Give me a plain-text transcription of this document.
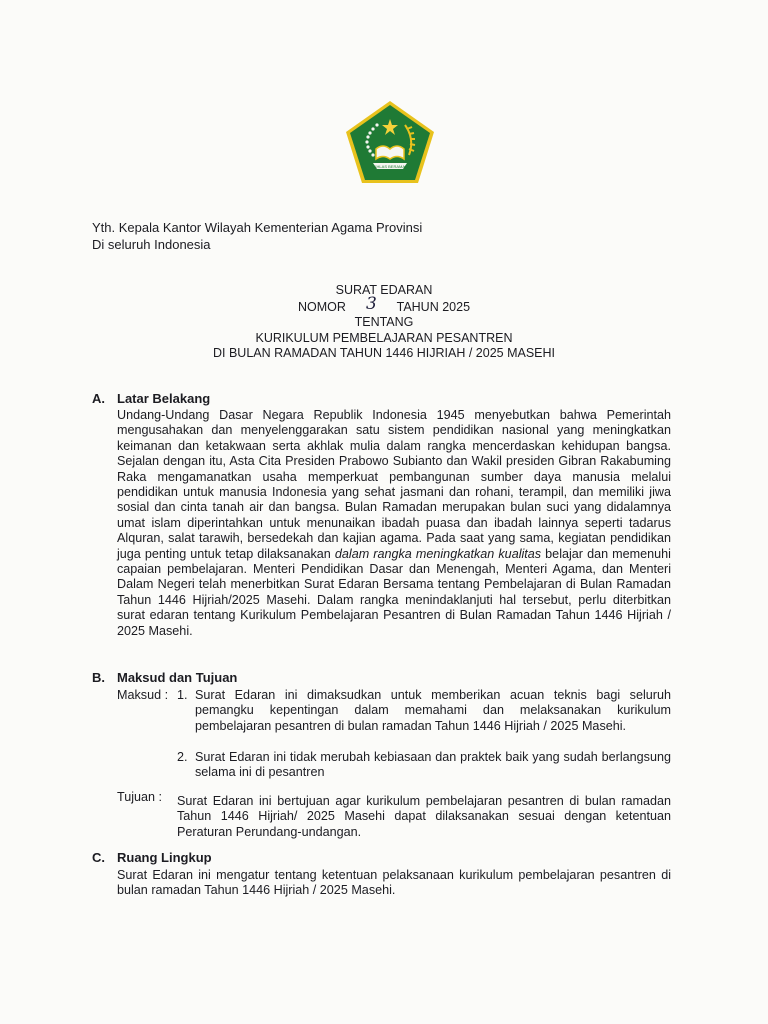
IKHLAS BERAMAL
Yth. Kepala Kantor Wilayah Kementerian Agama Provinsi
Di seluruh Indonesia
SURAT EDARAN
NOMOR 3 TAHUN 2025
TENTANG
KURIKULUM PEMBELAJARAN PESANTREN
DI BULAN RAMADAN TAHUN 1446 HIJRIAH / 2025 MASEHI
A. Latar Belakang
Undang-Undang Dasar Negara Republik Indonesia 1945 menyebutkan bahwa Pemerintah mengusahakan dan menyelenggarakan satu sistem pendidikan nasional yang meningkatkan keimanan dan ketakwaan serta akhlak mulia dalam rangka mencerdaskan kehidupan bangsa. Sejalan dengan itu, Asta Cita Presiden Prabowo Subianto dan Wakil presiden Gibran Rakabuming Raka mengamanatkan usaha memperkuat pembangunan sumber daya manusia melalui pendidikan untuk manusia Indonesia yang sehat jasmani dan rohani, terampil, dan memiliki jiwa sosial dan cinta tanah air dan bangsa. Bulan Ramadan merupakan bulan suci yang didalamnya umat islam diperintahkan untuk menunaikan ibadah puasa dan ibadah lainnya seperti tadarus Alquran, salat tarawih, bersedekah dan kajian agama. Pada saat yang sama, kegiatan pendidikan juga penting untuk tetap dilaksanakan dalam rangka meningkatkan kualitas belajar dan memenuhi capaian pembelajaran. Menteri Pendidikan Dasar dan Menengah, Menteri Agama, dan Menteri Dalam Negeri telah menerbitkan Surat Edaran Bersama tentang Pembelajaran di Bulan Ramadan Tahun 1446 Hijriah/2025 Masehi. Dalam rangka menindaklanjuti hal tersebut, perlu diterbitkan surat edaran tentang Kurikulum Pembelajaran Pesantren di Bulan Ramadan Tahun 1446 Hijriah / 2025 Masehi.
B. Maksud dan Tujuan
Maksud : 1. Surat Edaran ini dimaksudkan untuk memberikan acuan teknis bagi seluruh pemangku kepentingan dalam memahami dan melaksanakan kurikulum pembelajaran pesantren di bulan ramadan Tahun 1446 Hijriah / 2025 Masehi.
2. Surat Edaran ini tidak merubah kebiasaan dan praktek baik yang sudah berlangsung selama ini di pesantren
Tujuan : Surat Edaran ini bertujuan agar kurikulum pembelajaran pesantren di bulan ramadan Tahun 1446 Hijriah/ 2025 Masehi dapat dilaksanakan sesuai dengan ketentuan Peraturan Perundang-undangan.
C. Ruang Lingkup
Surat Edaran ini mengatur tentang ketentuan pelaksanaan kurikulum pembelajaran pesantren di bulan ramadan Tahun 1446 Hijriah / 2025 Masehi.
